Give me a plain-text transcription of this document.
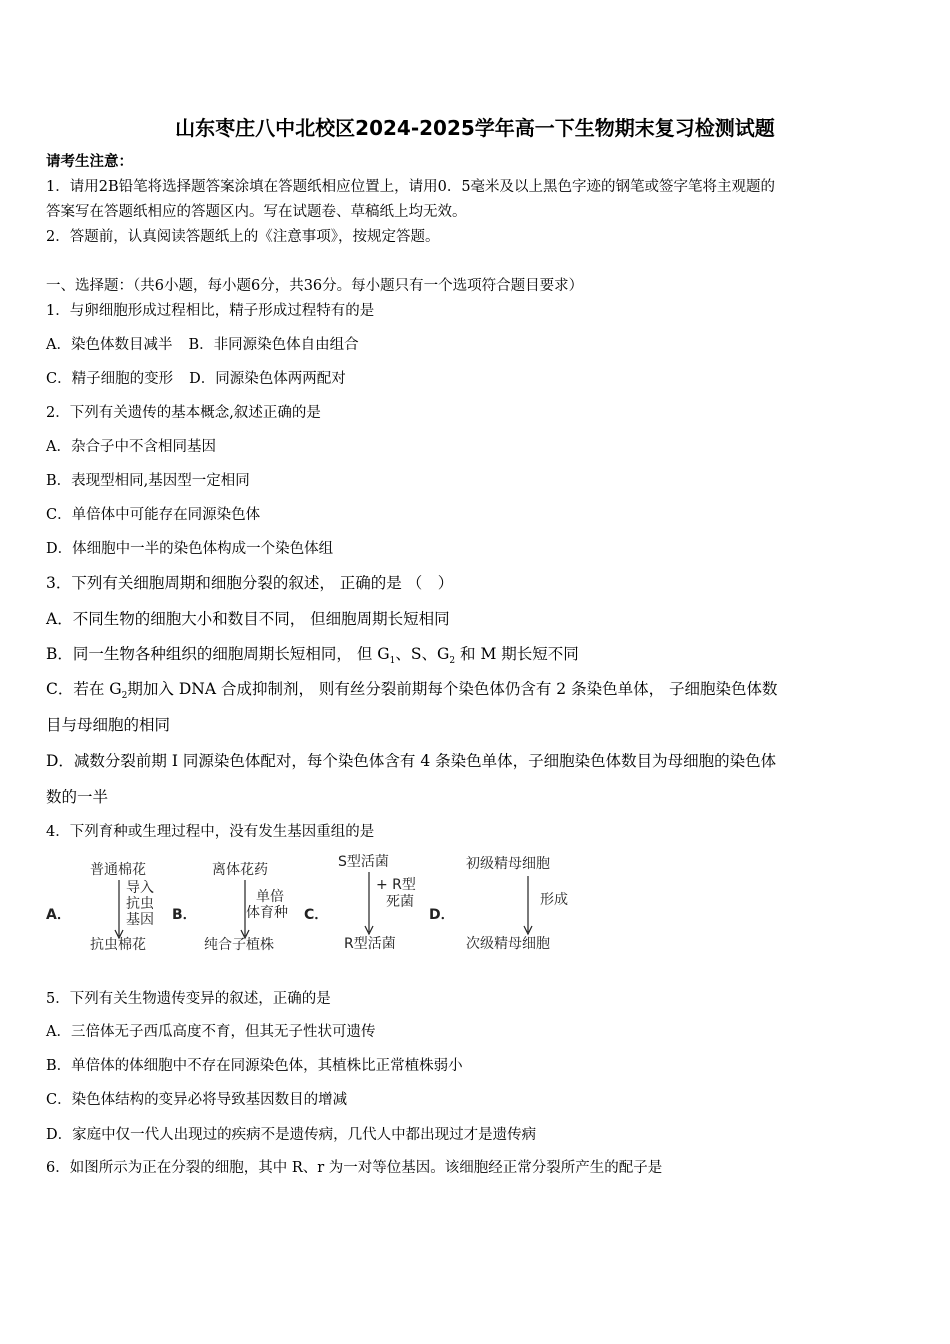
山东枣庄八中北校区2024-2025学年高一下生物期末复习检测试题
请考生注意：
1．请用2B铅笔将选择题答案涂填在答题纸相应位置上，请用0．5毫米及以上黑色字迹的钢笔或签字笔将主观题的
答案写在答题纸相应的答题区内。写在试题卷、草稿纸上均无效。
2．答题前，认真阅读答题纸上的《注意事项》，按规定答题。
一、选择题：（共6小题，每小题6分，共36分。每小题只有一个选项符合题目要求）
1．与卵细胞形成过程相比，精子形成过程特有的是
A．染色体数目减半 B．非同源染色体自由组合
C．精子细胞的变形 D．同源染色体两两配对
2．下列有关遗传的基本概念,叙述正确的是
A．杂合子中不含相同基因
B．表现型相同,基因型一定相同
C．单倍体中可能存在同源染色体
D．体细胞中一半的染色体构成一个染色体组
3．下列有关细胞周期和细胞分裂的叙述， 正确的是 （　）
A．不同生物的细胞大小和数目不同， 但细胞周期长短相同
B．同一生物各种组织的细胞周期长短相同， 但 $G_1$、S、$G_2$ 和 M 期长短不同
C．若在 $G_2$期加入 DNA 合成抑制剂， 则有丝分裂前期每个染色体仍含有 2 条染色单体， 子细胞染色体数
目与母细胞的相同
D．减数分裂前期 I 同源染色体配对，每个染色体含有 4 条染色单体，子细胞染色体数目为母细胞的染色体
数的一半
4．下列育种或生理过程中，没有发生基因重组的是
A．
普通棉花
导入
抗虫
基因
抗虫棉花
B．
离体花药
单倍
体育种
纯合子植株
C．
S型活菌
+ R型
死菌
R型活菌
D．
初级精母细胞
形成
次级精母细胞
5．下列有关生物遗传变异的叙述，正确的是
A．三倍体无子西瓜高度不育，但其无子性状可遗传
B．单倍体的体细胞中不存在同源染色体，其植株比正常植株弱小
C．染色体结构的变异必将导致基因数目的增减
D．家庭中仅一代人出现过的疾病不是遗传病，几代人中都出现过才是遗传病
6．如图所示为正在分裂的细胞，其中 R、r 为一对等位基因。该细胞经正常分裂所产生的配子是
